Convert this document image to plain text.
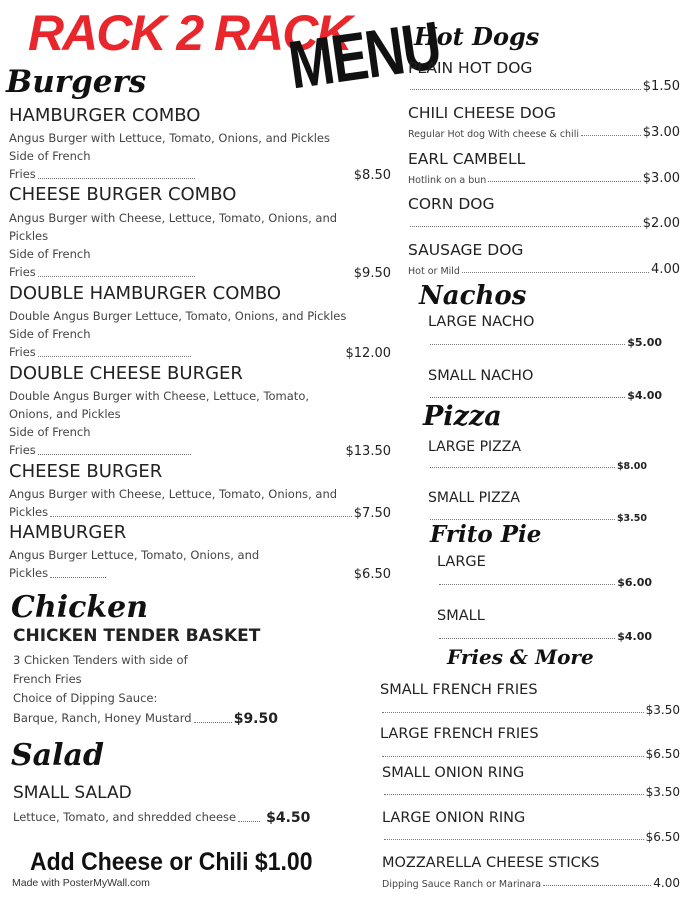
RACK 2 RACK
MENU
Burgers
HAMBURGER COMBO
Angus Burger with Lettuce, Tomato, Onions, and Pickles
Side of French
Fries	$8.50
CHEESE BURGER COMBO
Angus Burger with Cheese, Lettuce, Tomato, Onions, and Pickles
Side of French
Fries	$9.50
DOUBLE HAMBURGER COMBO
Double Angus Burger Lettuce, Tomato, Onions, and Pickles
Side of French
Fries	$12.00
DOUBLE CHEESE BURGER
Double Angus Burger with Cheese, Lettuce, Tomato, Onions, and Pickles
Side of French
Fries	$13.50
CHEESE BURGER
Angus Burger with Cheese, Lettuce, Tomato, Onions, and
Pickles	$7.50
HAMBURGER
Angus Burger Lettuce, Tomato, Onions, and
Pickles	$6.50
Chicken
CHICKEN TENDER BASKET
3 Chicken Tenders with side of
French Fries
Choice of Dipping Sauce:
Barque, Ranch, Honey Mustard	$9.50
Salad
SMALL SALAD
Lettuce, Tomato, and shredded cheese $4.50
Add Cheese or Chili $1.00
Made with PosterMyWall.com
Hot Dogs
PLAIN HOT DOG
$1.50
CHILI CHEESE DOG
Regular Hot dog With cheese & chili	$3.00
EARL CAMBELL
Hotlink on a bun	$3.00
CORN DOG
$2.00
SAUSAGE DOG
Hot or Mild	4.00
Nachos
LARGE NACHO
$5.00
SMALL NACHO
$4.00
Pizza
LARGE PIZZA
$8.00
SMALL PIZZA
$3.50
Frito Pie
LARGE
$6.00
SMALL
$4.00
Fries & More
SMALL FRENCH FRIES
$3.50
LARGE FRENCH FRIES
$6.50
SMALL ONION RING
$3.50
LARGE ONION RING
$6.50
MOZZARELLA CHEESE STICKS
Dipping Sauce Ranch or Marinara	4.00
